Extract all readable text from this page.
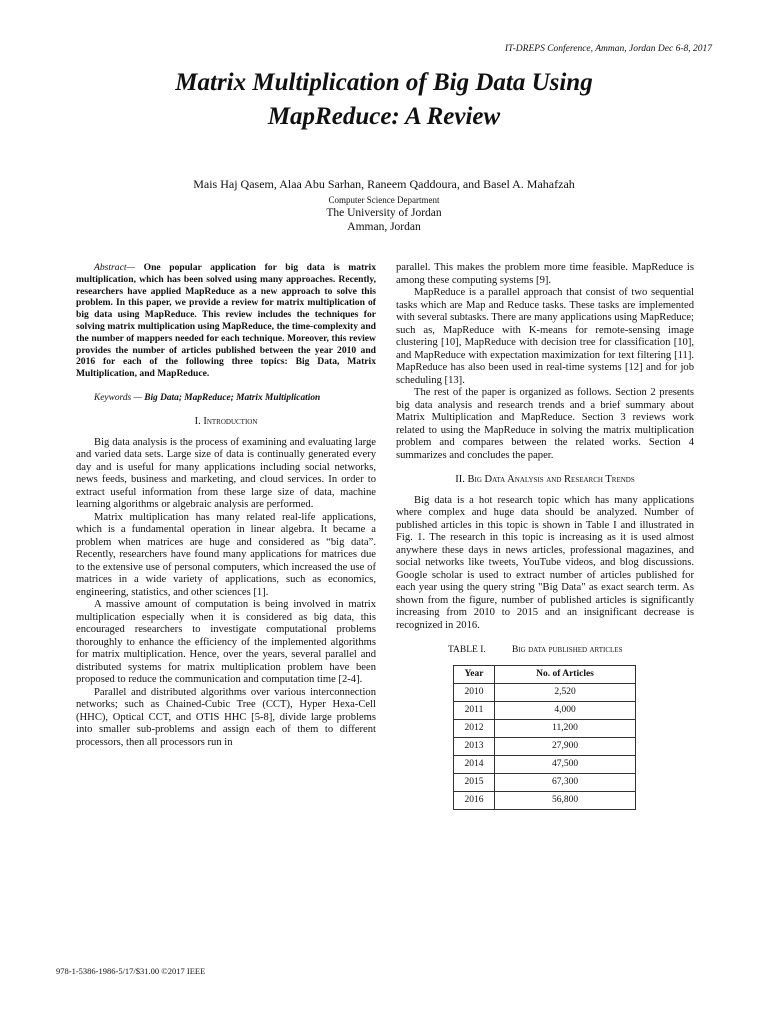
IT-DREPS Conference, Amman, Jordan Dec 6-8, 2017
Matrix Multiplication of Big Data Using
MapReduce: A Review
Mais Haj Qasem, Alaa Abu Sarhan, Raneem Qaddoura, and Basel A. Mahafzah
Computer Science Department
The University of Jordan
Amman, Jordan

Abstract— One popular application for big data is matrix multiplication, which has been solved using many approaches. Recently, researchers have applied MapReduce as a new approach to solve this problem. In this paper, we provide a review for matrix multiplication of big data using MapReduce. This review includes the techniques for solving matrix multiplication using MapReduce, the time-complexity and the number of mappers needed for each technique. Moreover, this review provides the number of articles published between the year 2010 and 2016 for each of the following three topics: Big Data, Matrix Multiplication, and MapReduce.

Keywords — Big Data; MapReduce; Matrix Multiplication

I. Introduction

Big data analysis is the process of examining and evaluating large and varied data sets. Large size of data is continually generated every day and is useful for many applications including social networks, news feeds, business and marketing, and cloud services. In order to extract useful information from these large size of data, machine learning algorithms or algebraic analysis are performed.

Matrix multiplication has many related real-life applications, which is a fundamental operation in linear algebra. It became a problem when matrices are huge and considered as “big data”. Recently, researchers have found many applications for matrices due to the extensive use of personal computers, which increased the use of matrices in a wide variety of applications, such as economics, engineering, statistics, and other sciences [1].

A massive amount of computation is being involved in matrix multiplication especially when it is considered as big data, this encouraged researchers to investigate computational problems thoroughly to enhance the efficiency of the implemented algorithms for matrix multiplication. Hence, over the years, several parallel and distributed systems for matrix multiplication problem have been proposed to reduce the communication and computation time [2-4].

Parallel and distributed algorithms over various interconnection networks; such as Chained-Cubic Tree (CCT), Hyper Hexa-Cell (HHC), Optical CCT, and OTIS HHC [5-8], divide large problems into smaller sub-problems and assign each of them to different processors, then all processors run in

parallel. This makes the problem more time feasible. MapReduce is among these computing systems [9].

MapReduce is a parallel approach that consist of two sequential tasks which are Map and Reduce tasks. These tasks are implemented with several subtasks. There are many applications using MapReduce; such as, MapReduce with K-means for remote-sensing image clustering [10], MapReduce with decision tree for classification [10], and MapReduce with expectation maximization for text filtering [11]. MapReduce has also been used in real-time systems [12] and for job scheduling [13].

The rest of the paper is organized as follows. Section 2 presents big data analysis and research trends and a brief summary about Matrix Multiplication and MapReduce. Section 3 reviews work related to using the MapReduce in solving the matrix multiplication problem and compares between the related works. Section 4 summarizes and concludes the paper.

II. Big Data Analysis and Research Trends

Big data is a hot research topic which has many applications where complex and huge data should be analyzed. Number of published articles in this topic is shown in Table I and illustrated in Fig. 1. The research in this topic is increasing as it is used almost anywhere these days in news articles, professional magazines, and social networks like tweets, YouTube videos, and blog discussions. Google scholar is used to extract number of articles published for each year using the query string "Big Data" as exact search term. As shown from the figure, number of published articles is significantly increasing from 2010 to 2015 and an insignificant decrease is recognized in 2016.

TABLE I.	Big data published articles
Year	No. of Articles
2010	2,520
2011	4,000
2012	11,200
2013	27,900
2014	47,500
2015	67,300
2016	56,800
978-1-5386-1986-5/17/$31.00 ©2017 IEEE
